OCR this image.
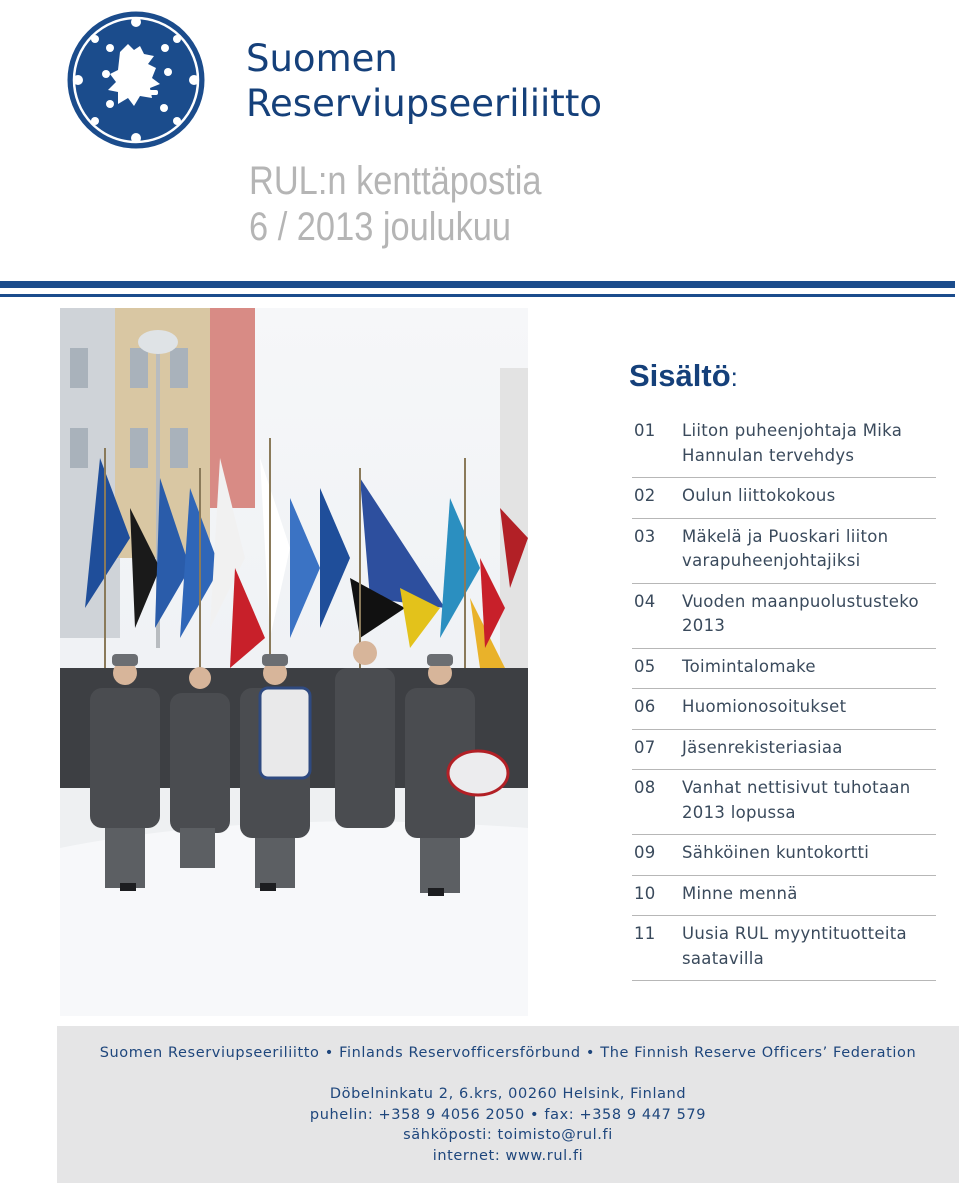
Suomen Reserviupseeriliitto
RUL:n kenttäpostia
6 / 2013 joulukuu
Sisältö:
01 Liiton puheenjohtaja Mika Hannulan tervehdys
02 Oulun liittokokous
03 Mäkelä ja Puoskari liiton varapuheenjohtajiksi
04 Vuoden maanpuolustusteko 2013
05 Toimintalomake
06 Huomionosoitukset
07 Jäsenrekisteriasiaa
08 Vanhat nettisivut tuhotaan 2013 lopussa
09 Sähköinen kuntokortti
10 Minne mennä
11 Uusia RUL myyntituotteita saatavilla
Suomen Reserviupseeriliitto • Finlands Reservofficersförbund • The Finnish Reserve Officers’ Federation
Döbelninkatu 2, 6.krs, 00260 Helsink, Finland
puhelin: +358 9 4056 2050 • fax: +358 9 447 579
sähköposti: toimisto@rul.fi
internet: www.rul.fi
